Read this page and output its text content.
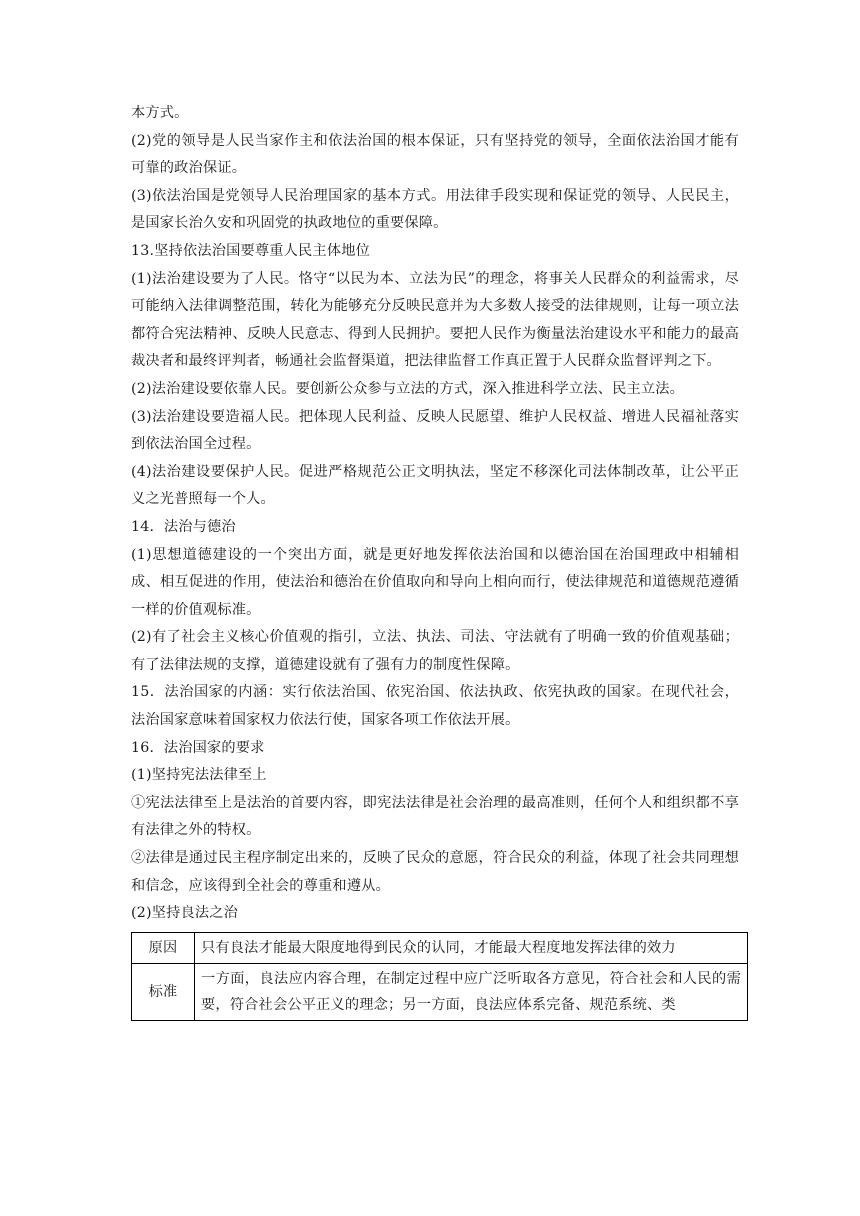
本方式。

(2)党的领导是人民当家作主和依法治国的根本保证，只有坚持党的领导，全面依法治国才能有可靠的政治保证。

(3)依法治国是党领导人民治理国家的基本方式。用法律手段实现和保证党的领导、人民民主，是国家长治久安和巩固党的执政地位的重要保障。

13.坚持依法治国要尊重人民主体地位

(1)法治建设要为了人民。恪守“以民为本、立法为民”的理念，将事关人民群众的利益需求，尽可能纳入法律调整范围，转化为能够充分反映民意并为大多数人接受的法律规则，让每一项立法都符合宪法精神、反映人民意志、得到人民拥护。要把人民作为衡量法治建设水平和能力的最高裁决者和最终评判者，畅通社会监督渠道，把法律监督工作真正置于人民群众监督评判之下。

(2)法治建设要依靠人民。要创新公众参与立法的方式，深入推进科学立法、民主立法。

(3)法治建设要造福人民。把体现人民利益、反映人民愿望、维护人民权益、增进人民福祉落实到依法治国全过程。

(4)法治建设要保护人民。促进严格规范公正文明执法，坚定不移深化司法体制改革，让公平正义之光普照每一个人。

14．法治与德治

(1)思想道德建设的一个突出方面，就是更好地发挥依法治国和以德治国在治国理政中相辅相成、相互促进的作用，使法治和德治在价值取向和导向上相向而行，使法律规范和道德规范遵循一样的价值观标准。

(2)有了社会主义核心价值观的指引，立法、执法、司法、守法就有了明确一致的价值观基础；有了法律法规的支撑，道德建设就有了强有力的制度性保障。

15．法治国家的内涵：实行依法治国、依宪治国、依法执政、依宪执政的国家。在现代社会，法治国家意味着国家权力依法行使，国家各项工作依法开展。

16．法治国家的要求

(1)坚持宪法法律至上

①宪法法律至上是法治的首要内容，即宪法法律是社会治理的最高准则，任何个人和组织都不享有法律之外的特权。

②法律是通过民主程序制定出来的，反映了民众的意愿，符合民众的利益，体现了社会共同理想和信念，应该得到全社会的尊重和遵从。

(2)坚持良法之治

原因	只有良法才能最大限度地得到民众的认同，才能最大程度地发挥法律的效力
标准	一方面，良法应内容合理，在制定过程中应广泛听取各方意见，符合社会和人民的需要，符合社会公平正义的理念；另一方面，良法应体系完备、规范系统、类
